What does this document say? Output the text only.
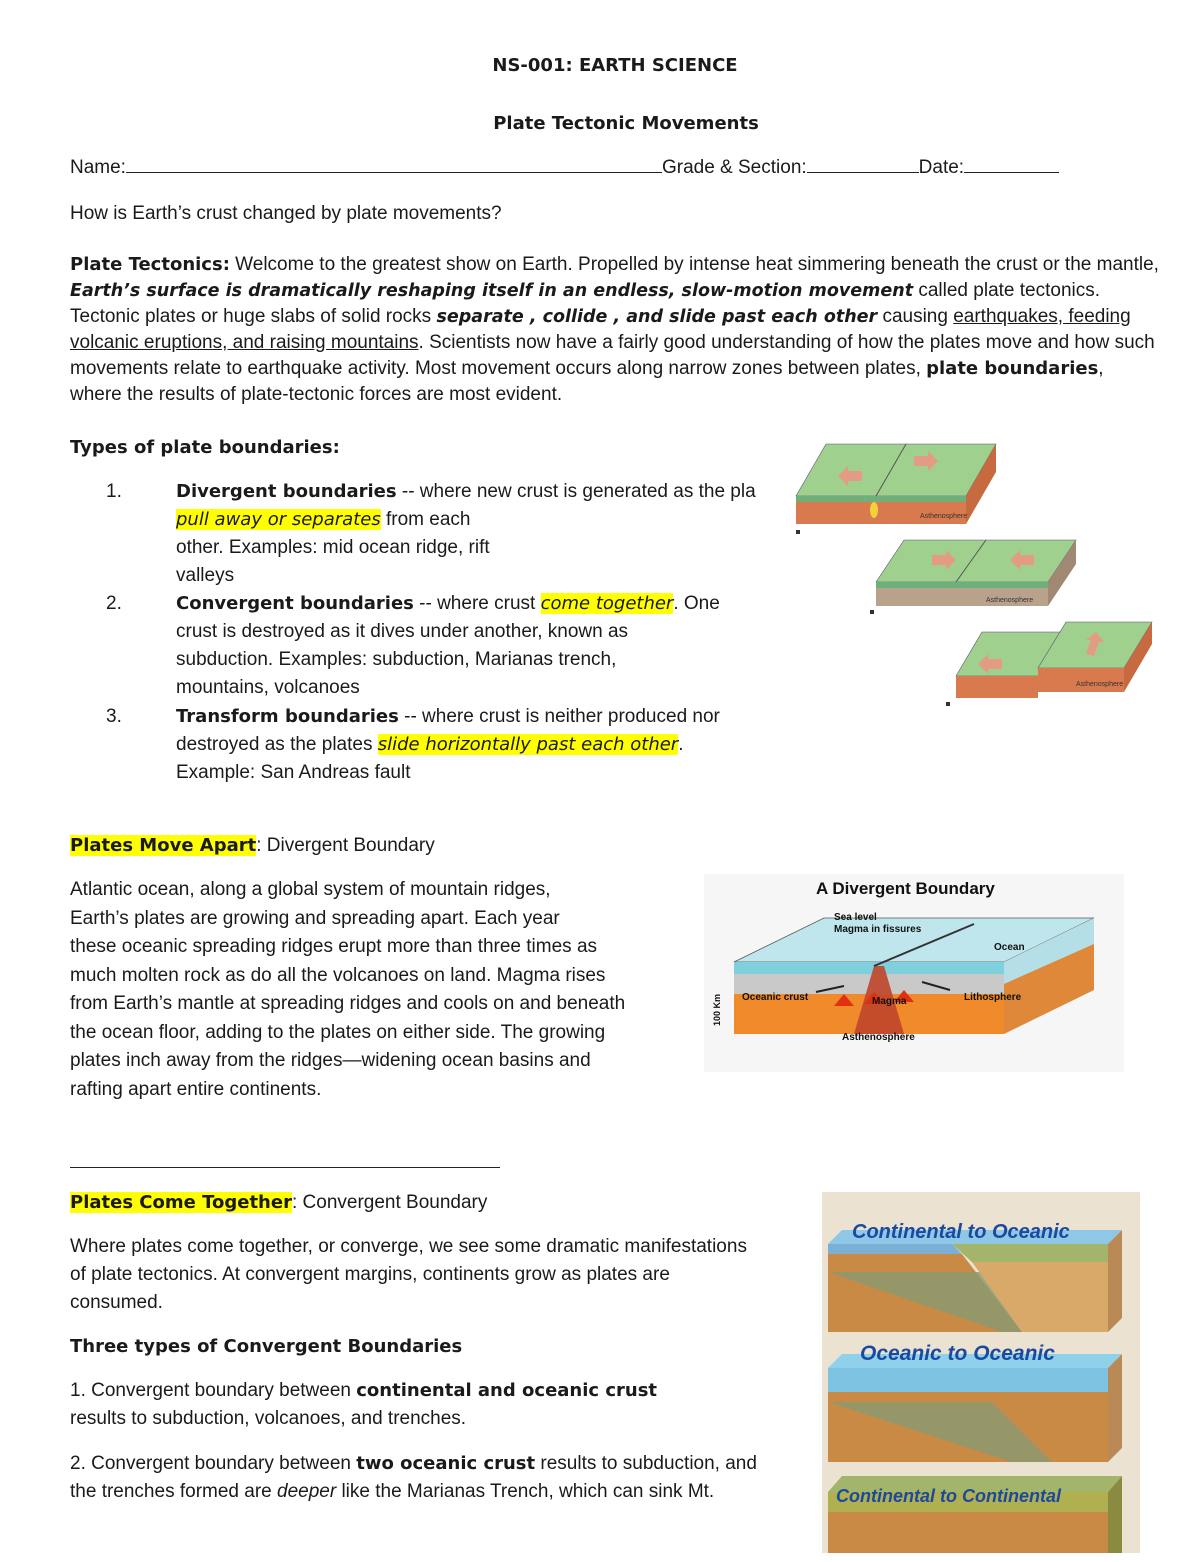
NS-001: EARTH SCIENCE
Plate Tectonic Movements
Name:	Grade & Section:	Date:
How is Earth’s crust changed by plate movements?
Plate Tectonics: Welcome to the greatest show on Earth. Propelled by intense heat simmering beneath the crust or the mantle, Earth’s surface is dramatically reshaping itself in an endless, slow-motion movement called plate tectonics. Tectonic plates or huge slabs of solid rocks separate , collide , and slide past each other causing earthquakes, feeding volcanic eruptions, and raising mountains. Scientists now have a fairly good understanding of how the plates move and how such movements relate to earthquake activity. Most movement occurs along narrow zones between plates, plate boundaries, where the results of plate-tectonic forces are most evident.
Types of plate boundaries:
1.	Divergent boundaries -- where new crust is generated as the pla
pull away or separates from each
other. Examples: mid ocean ridge, rift
valleys
2.	Convergent boundaries -- where crust come together. One
crust is destroyed as it dives under another, known as
subduction. Examples: subduction, Marianas trench,
mountains, volcanoes
3.	Transform boundaries -- where crust is neither produced nor
destroyed as the plates slide horizontally past each other.
Example: San Andreas fault
Asthenosphere
Asthenosphere
Asthenosphere
Plates Move Apart: Divergent Boundary
Atlantic ocean, along a global system of mountain ridges,
Earth’s plates are growing and spreading apart. Each year
these oceanic spreading ridges erupt more than three times as
much molten rock as do all the volcanoes on land. Magma rises
from Earth’s mantle at spreading ridges and cools on and beneath
the ocean floor, adding to the plates on either side. The growing
plates inch away from the ridges—widening ocean basins and
rafting apart entire continents.
A Divergent Boundary
Sea level
Magma in fissures
Ocean
Oceanic crust	Magma	Lithosphere
Asthenosphere
100 Km
Plates Come Together: Convergent Boundary
Where plates come together, or converge, we see some dramatic manifestations
of plate tectonics. At convergent margins, continents grow as plates are
consumed.
Three types of Convergent Boundaries
1. Convergent boundary between continental and oceanic crust
results to subduction, volcanoes, and trenches.
2. Convergent boundary between two oceanic crust results to subduction, and
the trenches formed are deeper like the Marianas Trench, which can sink Mt.
Continental to Oceanic
Oceanic to Oceanic
Continental to Continental
